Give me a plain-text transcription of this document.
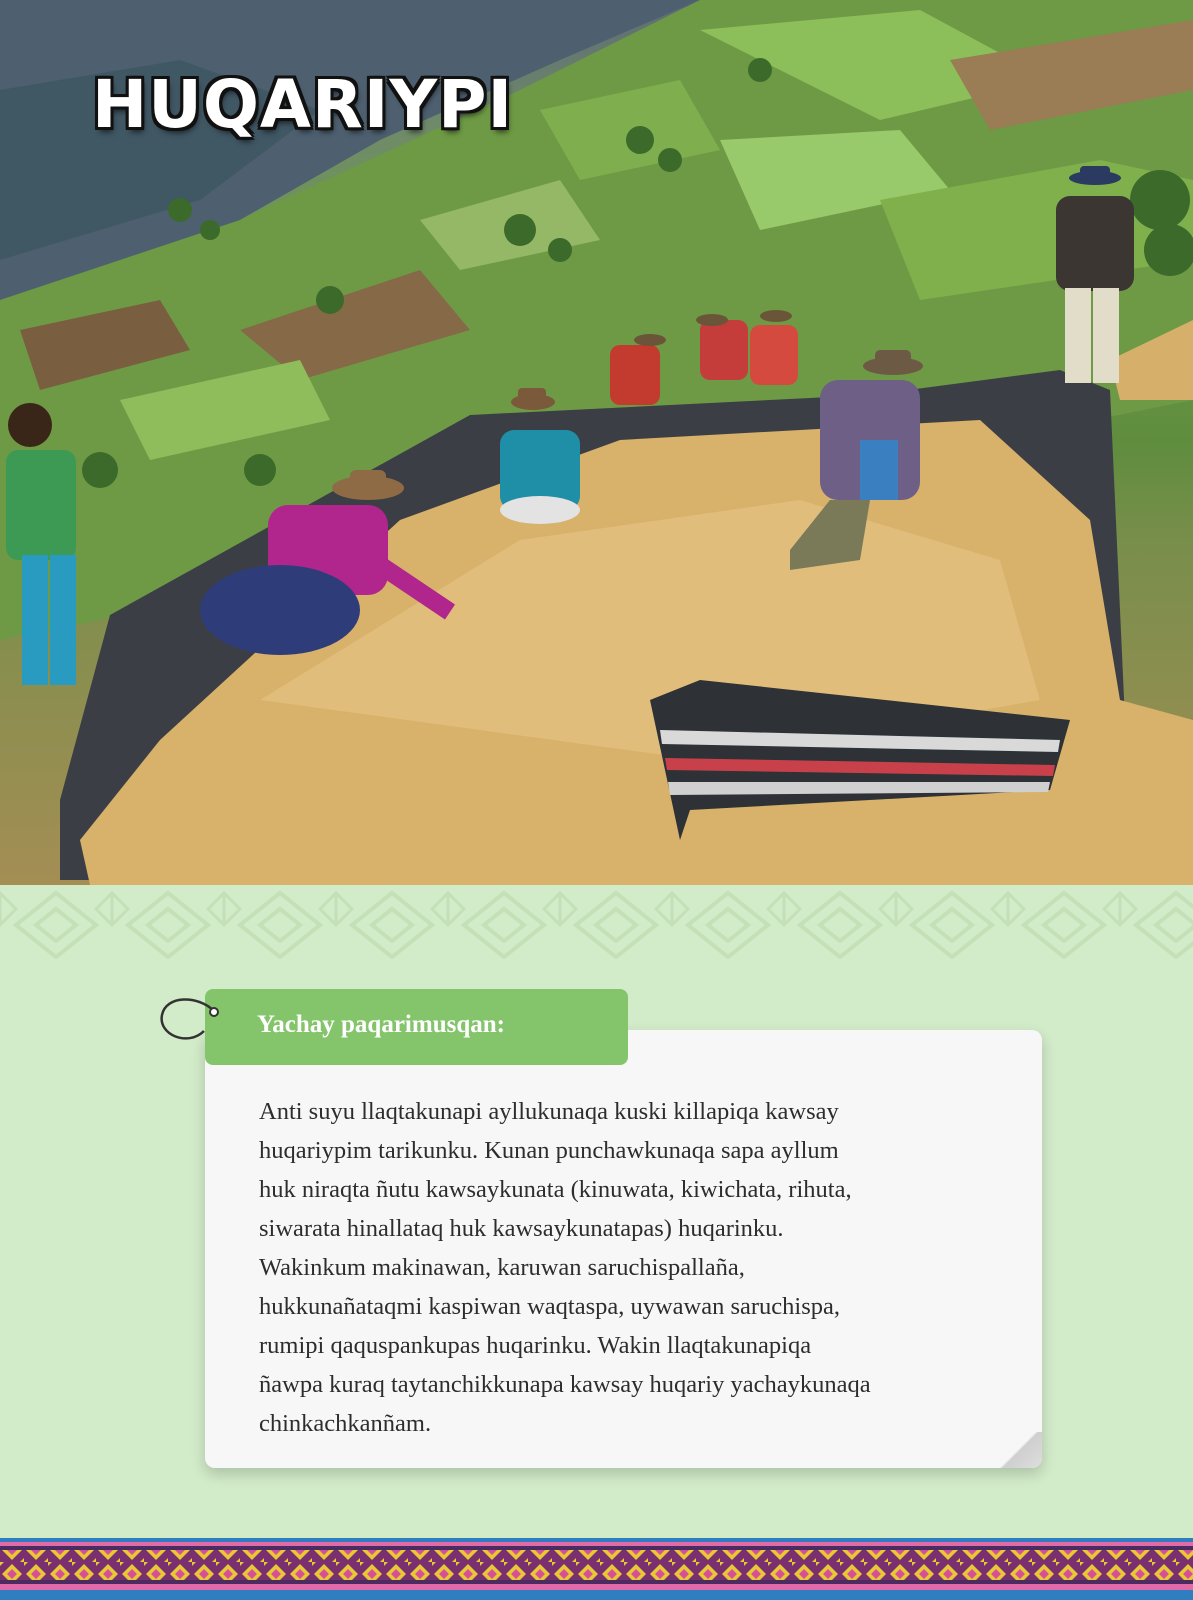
HUQARIYPI

Anti suyu llaqtakunapi ayllukunaqa kuski killapiqa kawsay
huqariypim tarikunku. Kunan punchawkunaqa sapa ayllum
huk niraqta ñutu kawsaykunata (kinuwata, kiwichata, rihuta,
siwarata hinallataq huk kawsaykunatapas) huqarinku.
Wakinkum makinawan, karuwan saruchispallaña,
hukkunañataqmi kaspiwan waqtaspa, uywawan saruchispa,
rumipi qaquspankupas huqarinku. Wakin llaqtakunapiqa
ñawpa kuraq taytanchikkunapa kawsay huqariy yachaykunaqa
chinkachkanñam.

Yachay paqarimusqan:
